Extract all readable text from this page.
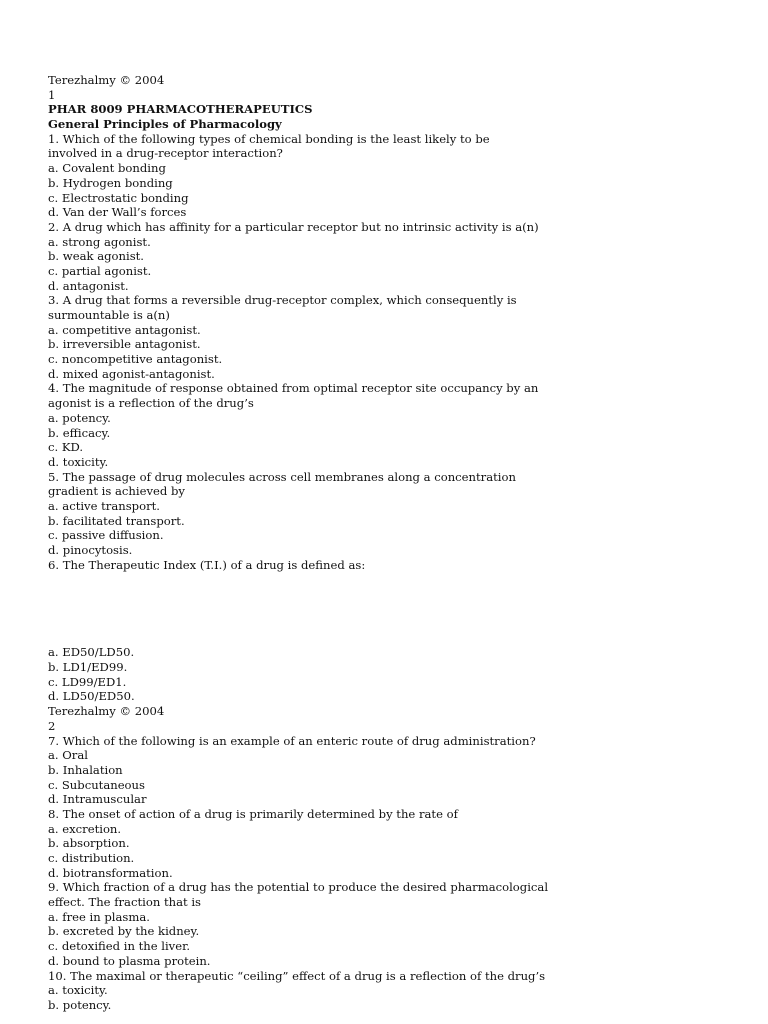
Terezhalmy © 2004
1
PHAR 8009 PHARMACOTHERAPEUTICS
General Principles of Pharmacology
1. Which of the following types of chemical bonding is the least likely to be
involved in a drug-receptor interaction?
a. Covalent bonding
b. Hydrogen bonding
c. Electrostatic bonding
d. Van der Wall’s forces
2. A drug which has affinity for a particular receptor but no intrinsic activity is a(n)
a. strong agonist.
b. weak agonist.
c. partial agonist.
d. antagonist.
3. A drug that forms a reversible drug-receptor complex, which consequently is
surmountable is a(n)
a. competitive antagonist.
b. irreversible antagonist.
c. noncompetitive antagonist.
d. mixed agonist-antagonist.
4. The magnitude of response obtained from optimal receptor site occupancy by an
agonist is a reflection of the drug’s
a. potency.
b. efficacy.
c. KD.
d. toxicity.
5. The passage of drug molecules across cell membranes along a concentration
gradient is achieved by
a. active transport.
b. facilitated transport.
c. passive diffusion.
d. pinocytosis.
6. The Therapeutic Index (T.I.) of a drug is defined as:
a. ED50/LD50.
b. LD1/ED99.
c. LD99/ED1.
d. LD50/ED50.
Terezhalmy © 2004
2
7. Which of the following is an example of an enteric route of drug administration?
a. Oral
b. Inhalation
c. Subcutaneous
d. Intramuscular
8. The onset of action of a drug is primarily determined by the rate of
a. excretion.
b. absorption.
c. distribution.
d. biotransformation.
9. Which fraction of a drug has the potential to produce the desired pharmacological
effect. The fraction that is
a. free in plasma.
b. excreted by the kidney.
c. detoxified in the liver.
d. bound to plasma protein.
10. The maximal or therapeutic “ceiling” effect of a drug is a reflection of the drug’s
a. toxicity.
b. potency.
